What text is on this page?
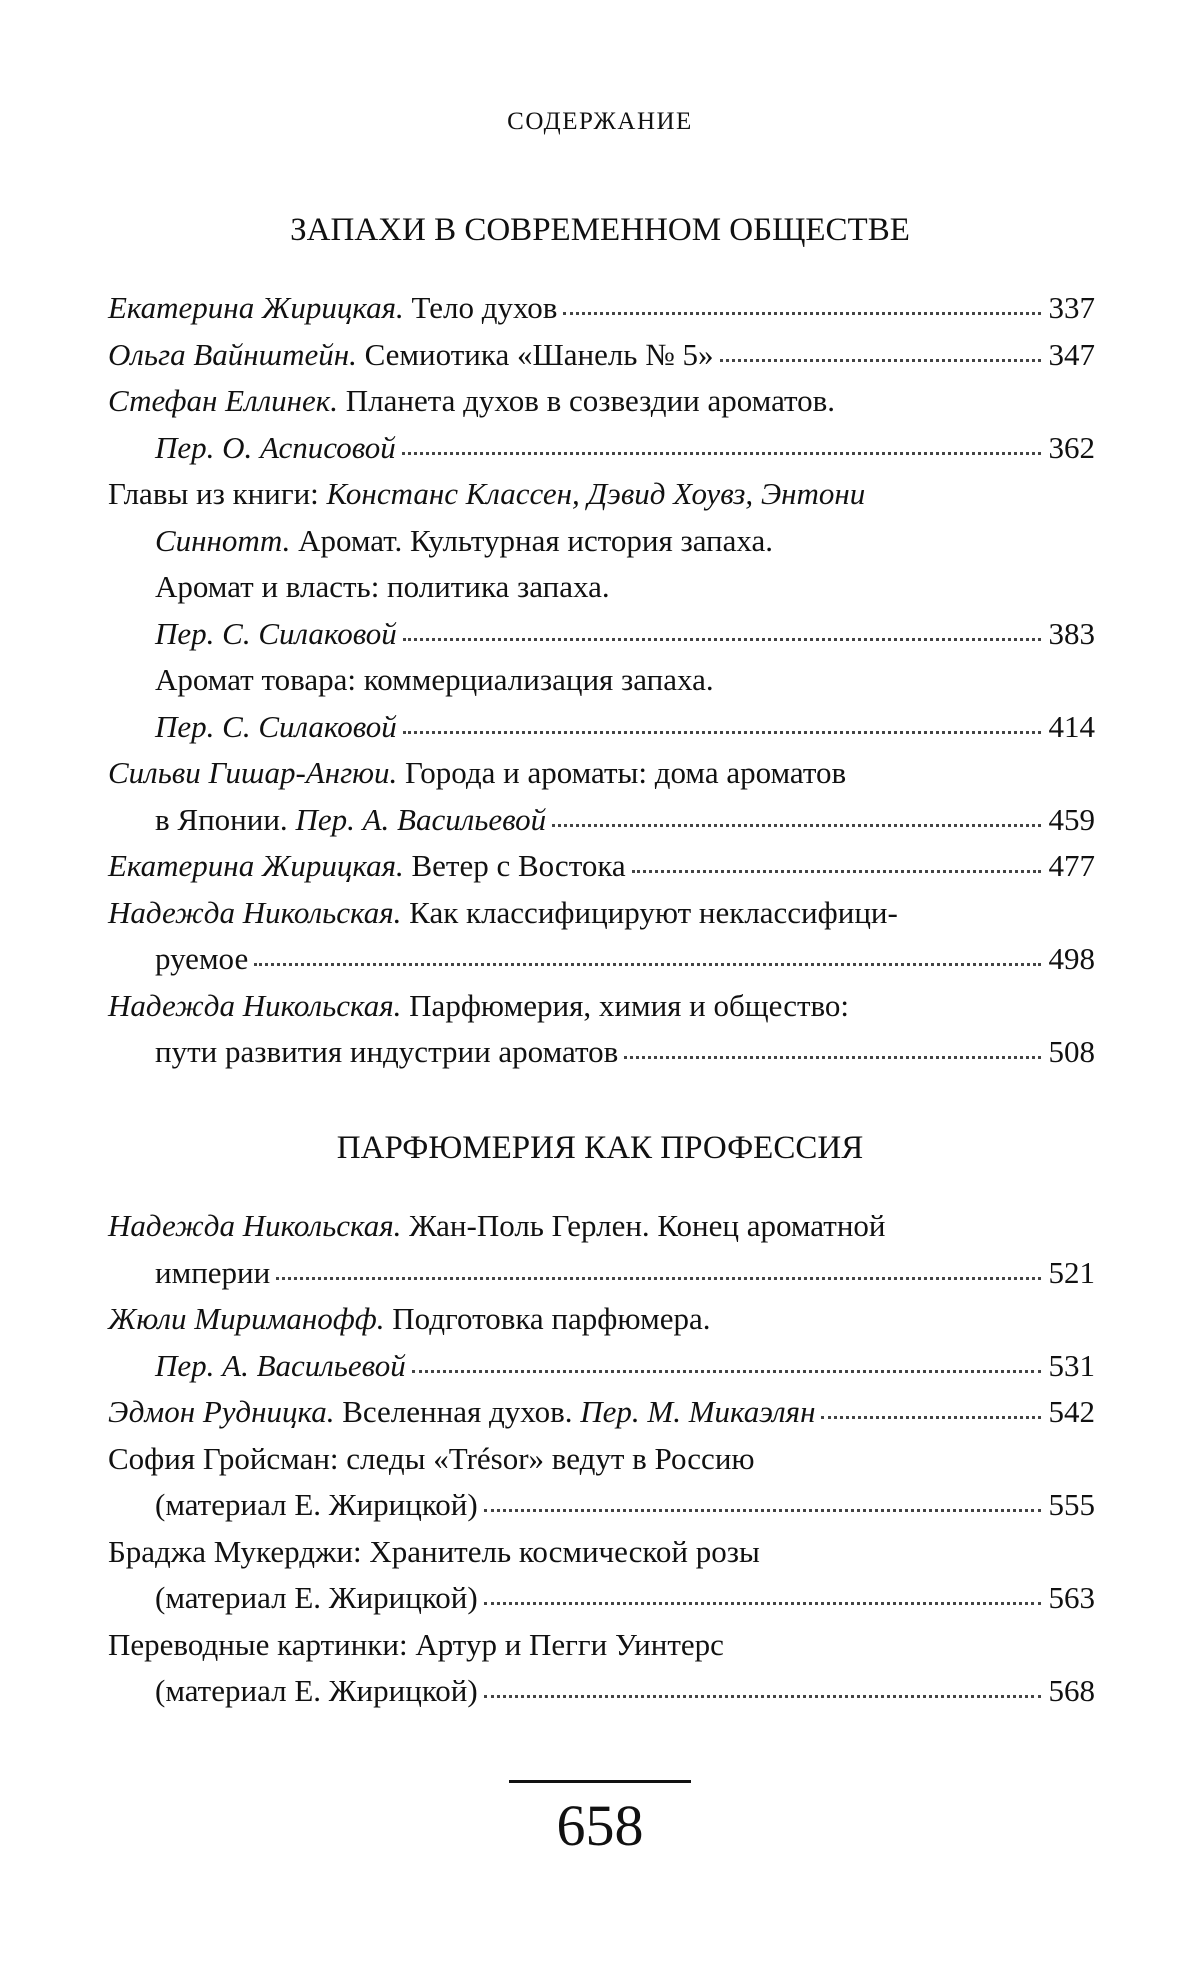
СОДЕРЖАНИЕ
ЗАПАХИ В СОВРЕМЕННОМ ОБЩЕСТВЕ
Екатерина Жирицкая. Тело духов	337
Ольга Вайнштейн. Семиотика «Шанель № 5»	347
Стефан Еллинек. Планета духов в созвездии ароматов.
Пер. О. Асписовой	362
Главы из книги: Констанс Классен, Дэвид Хоувз, Энтони
Синнотт. Аромат. Культурная история запаха.
Аромат и власть: политика запаха.
Пер. С. Силаковой	383
Аромат товара: коммерциализация запаха.
Пер. С. Силаковой	414
Сильви Гишар-Ангюи. Города и ароматы: дома ароматов
в Японии. Пер. А. Васильевой	459
Екатерина Жирицкая. Ветер с Востока	477
Надежда Никольская. Как классифицируют неклассифици-
руемое	498
Надежда Никольская. Парфюмерия, химия и общество:
пути развития индустрии ароматов	508
ПАРФЮМЕРИЯ КАК ПРОФЕССИЯ
Надежда Никольская. Жан-Поль Герлен. Конец ароматной
империи	521
Жюли Мириманофф. Подготовка парфюмера.
Пер. А. Васильевой	531
Эдмон Рудницка. Вселенная духов. Пер. М. Микаэлян	542
София Гройсман: следы «Trésor» ведут в Россию
(материал Е. Жирицкой)	555
Браджа Мукерджи: Хранитель космической розы
(материал Е. Жирицкой)	563
Переводные картинки: Артур и Пегги Уинтерс
(материал Е. Жирицкой)	568
658
